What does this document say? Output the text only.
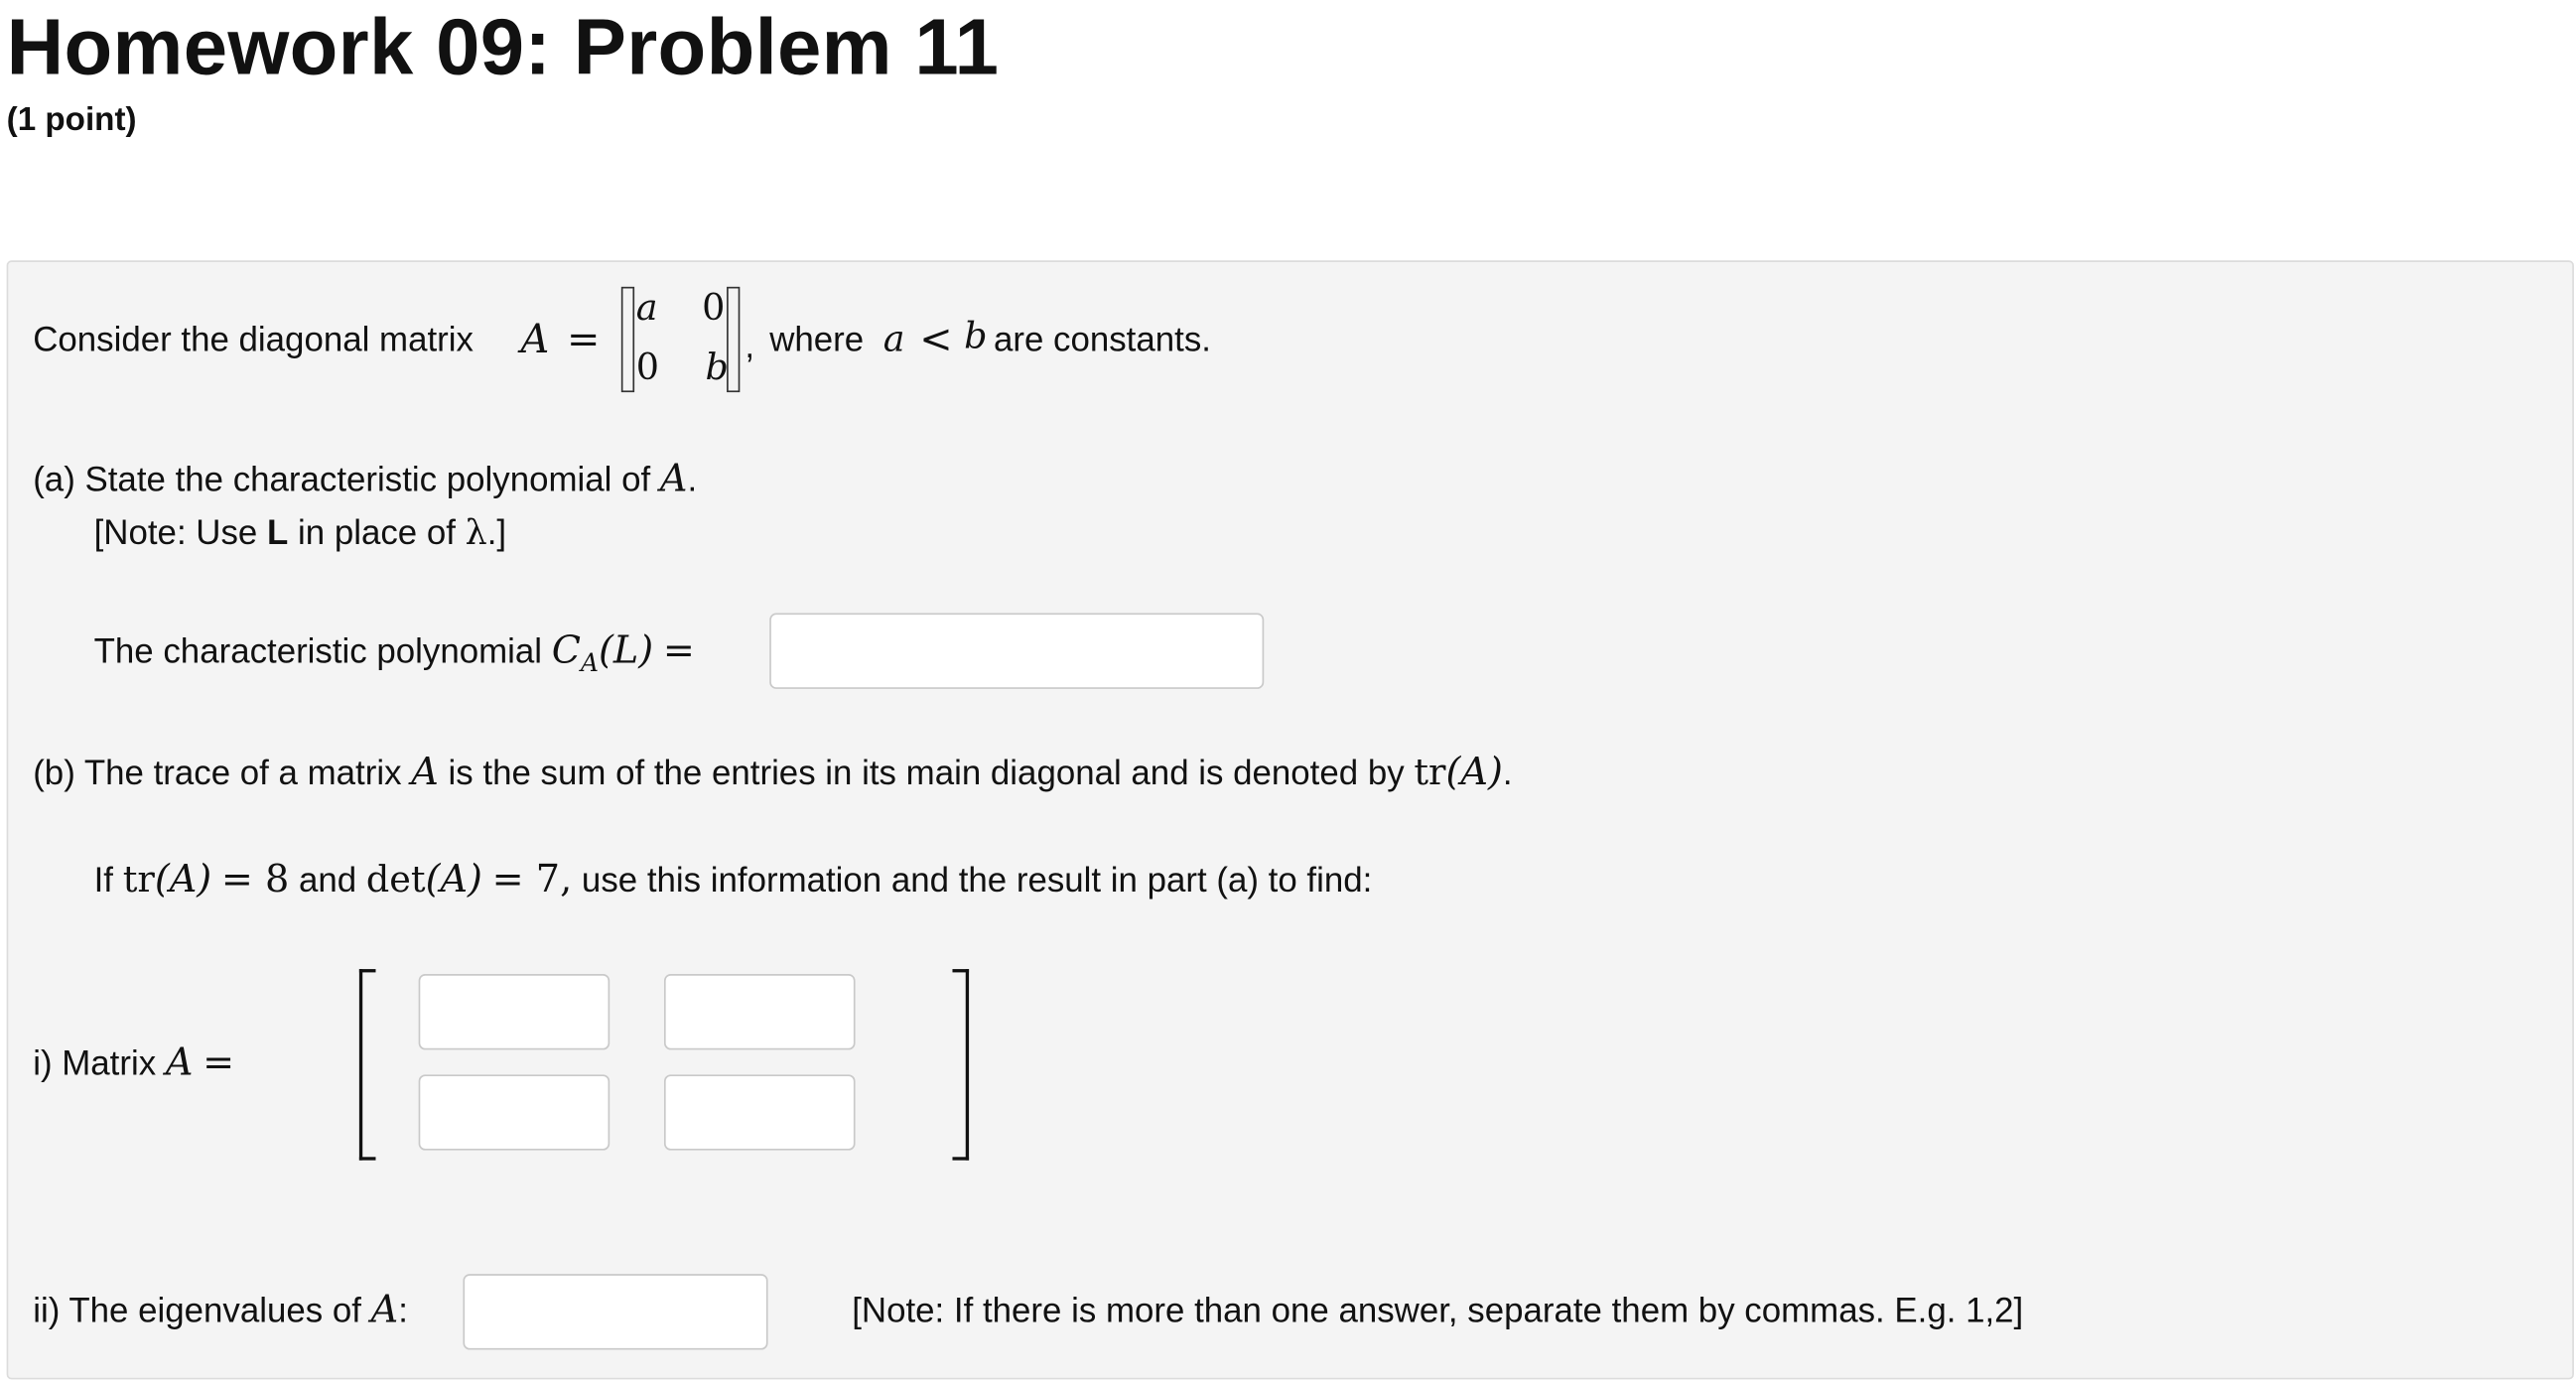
Homework 09: Problem 11
(1 point)
Consider the diagonal matrix A =
a 0
0 b
, where a < b are constants.
(a) State the characteristic polynomial of A.
[Note: Use L in place of λ.]
The characteristic polynomial $C_A(L)$ =
(b) The trace of a matrix A is the sum of the entries in its main diagonal and is denoted by tr(A).
If tr(A) = 8 and det(A) = 7, use this information and the result in part (a) to find:
i) Matrix A =
ii) The eigenvalues of A:	[Note: If there is more than one answer, separate them by commas. E.g. 1,2]
